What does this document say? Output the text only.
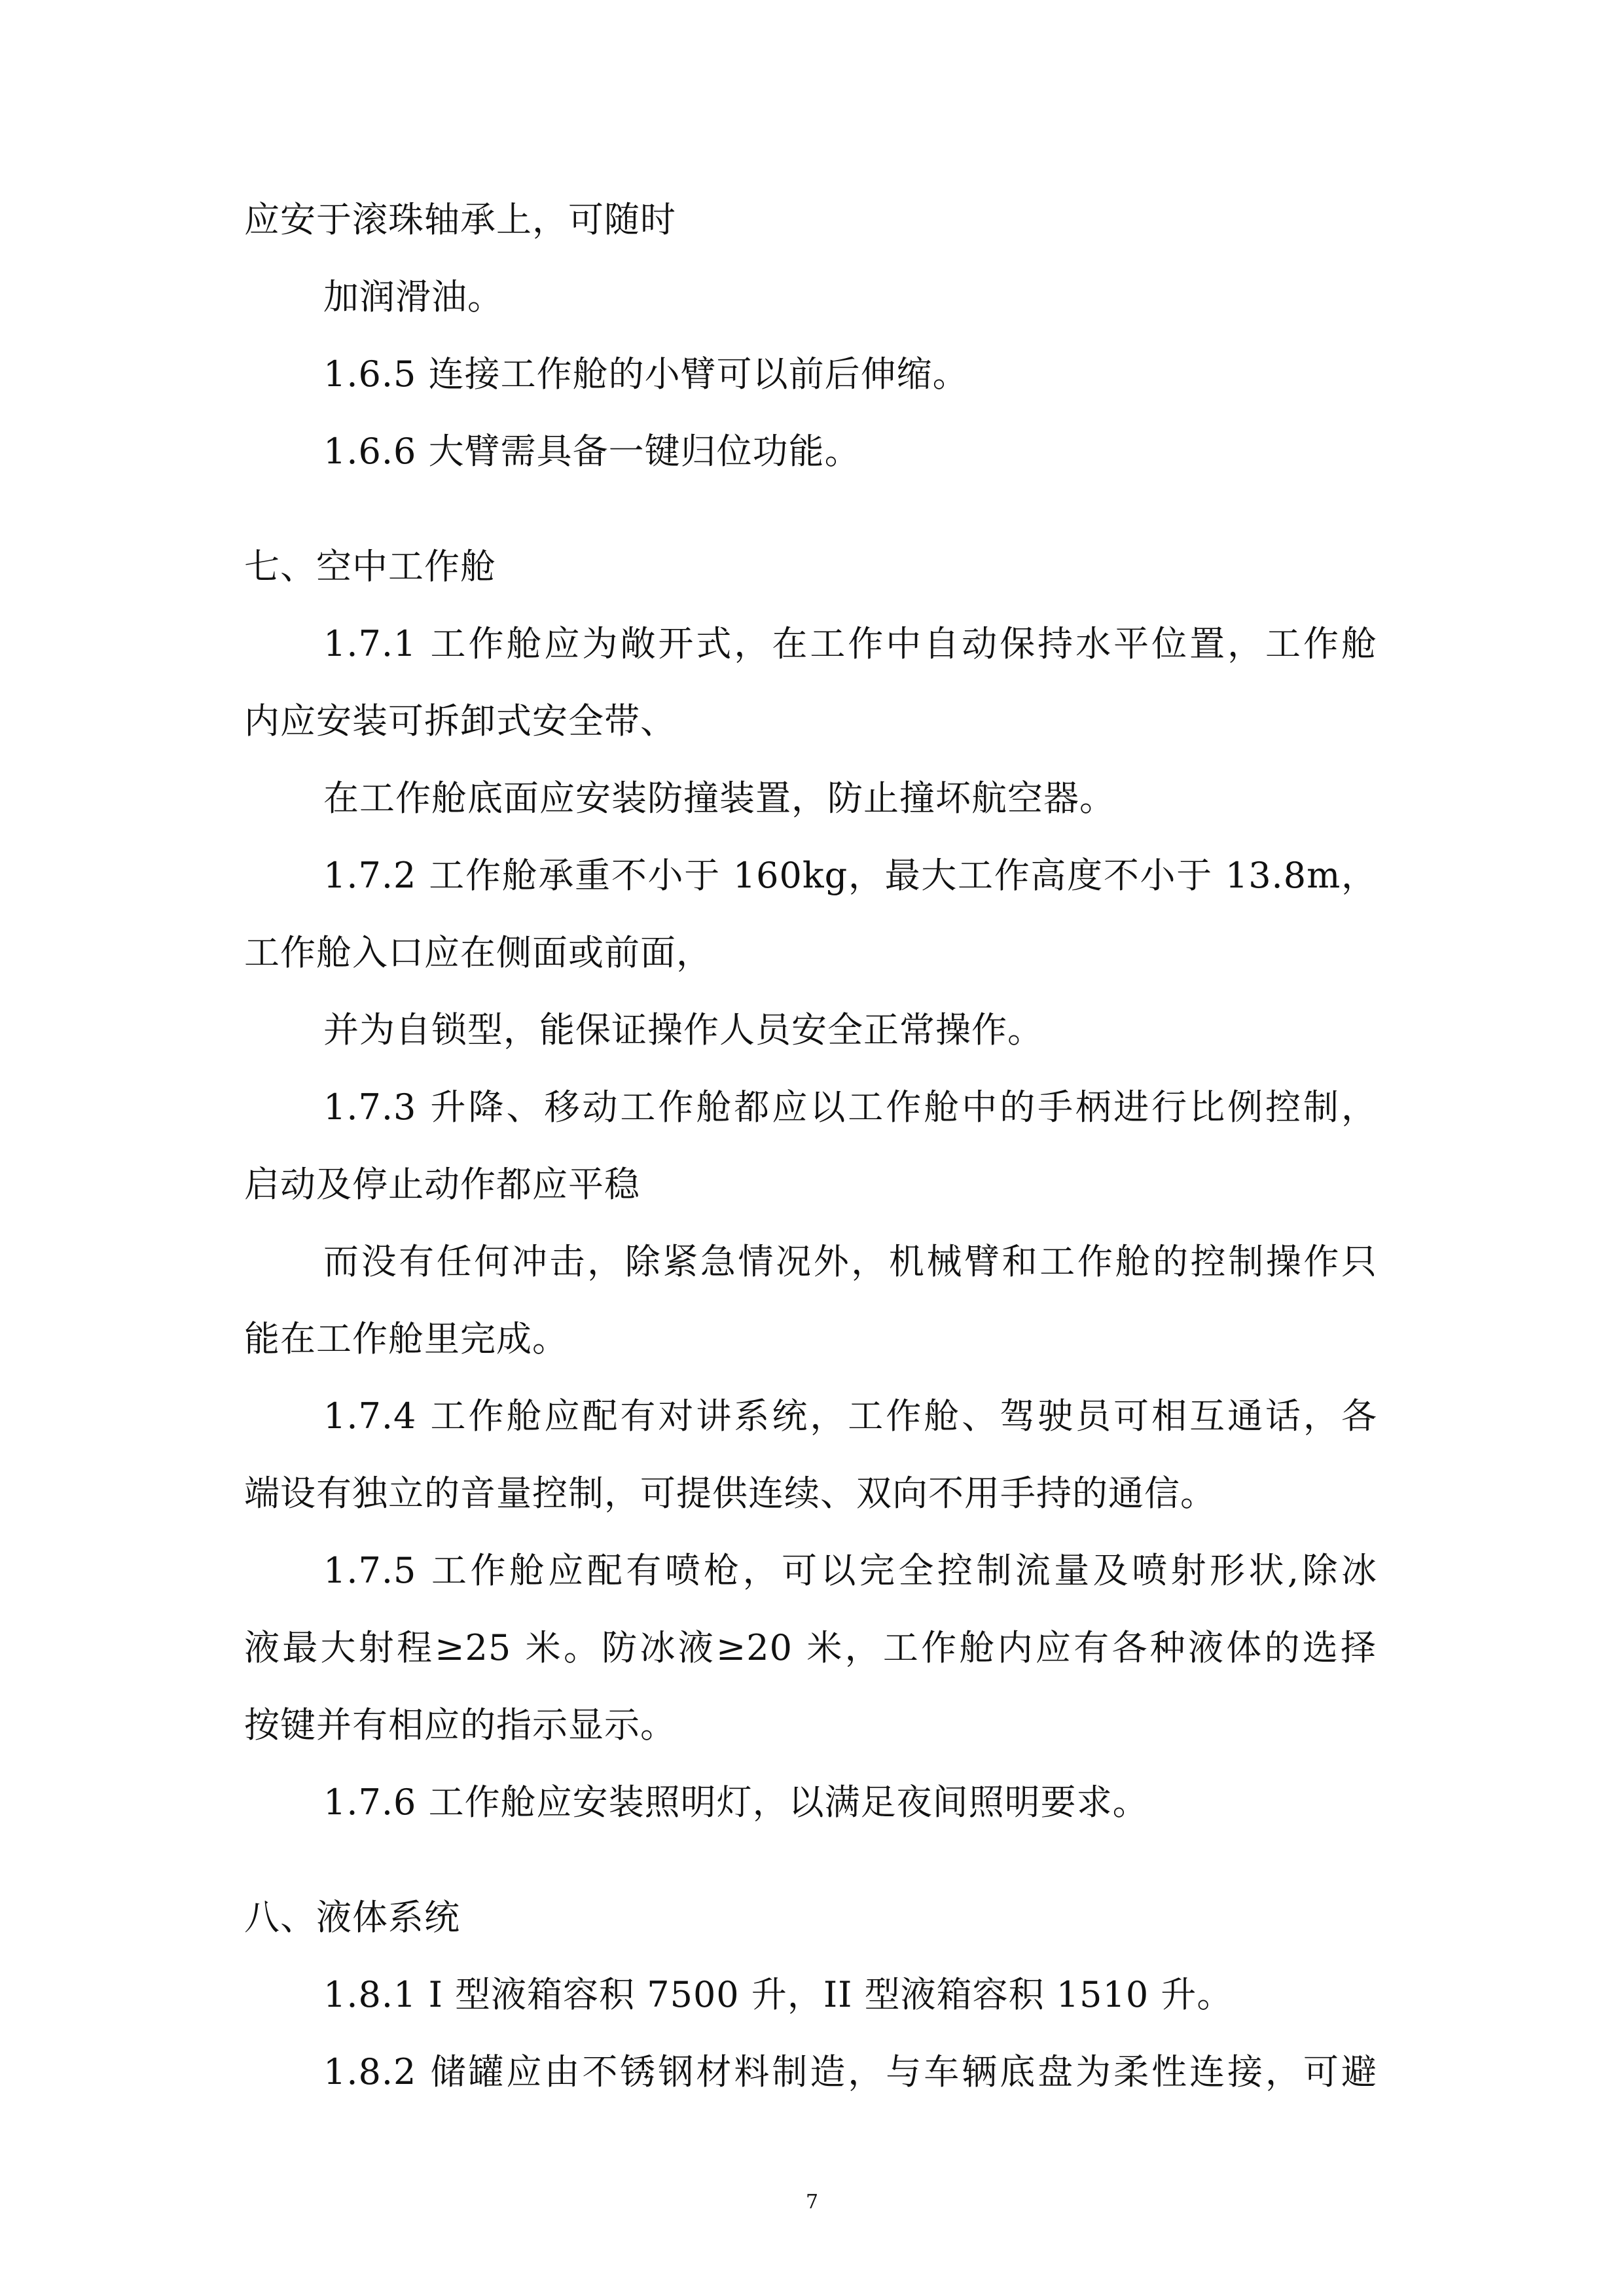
应安于滚珠轴承上，可随时
加润滑油。
1.6.5 连接工作舱的小臂可以前后伸缩。
1.6.6 大臂需具备一键归位功能。
七、空中工作舱
1.7.1 工作舱应为敞开式，在工作中自动保持水平位置，工作舱
内应安装可拆卸式安全带、
在工作舱底面应安装防撞装置，防止撞坏航空器。
1.7.2 工作舱承重不小于 160kg，最大工作高度不小于 13.8m，
工作舱入口应在侧面或前面，
并为自锁型，能保证操作人员安全正常操作。
1.7.3 升降、移动工作舱都应以工作舱中的手柄进行比例控制，
启动及停止动作都应平稳
而没有任何冲击，除紧急情况外，机械臂和工作舱的控制操作只
能在工作舱里完成。
1.7.4 工作舱应配有对讲系统，工作舱、驾驶员可相互通话，各
端设有独立的音量控制，可提供连续、双向不用手持的通信。
1.7.5 工作舱应配有喷枪，可以完全控制流量及喷射形状,除冰
液最大射程≥25 米。防冰液≥20 米，工作舱内应有各种液体的选择
按键并有相应的指示显示。
1.7.6 工作舱应安装照明灯，以满足夜间照明要求。
八、液体系统
1.8.1 I 型液箱容积 7500 升，II 型液箱容积 1510 升。
1.8.2 储罐应由不锈钢材料制造，与车辆底盘为柔性连接，可避
7
